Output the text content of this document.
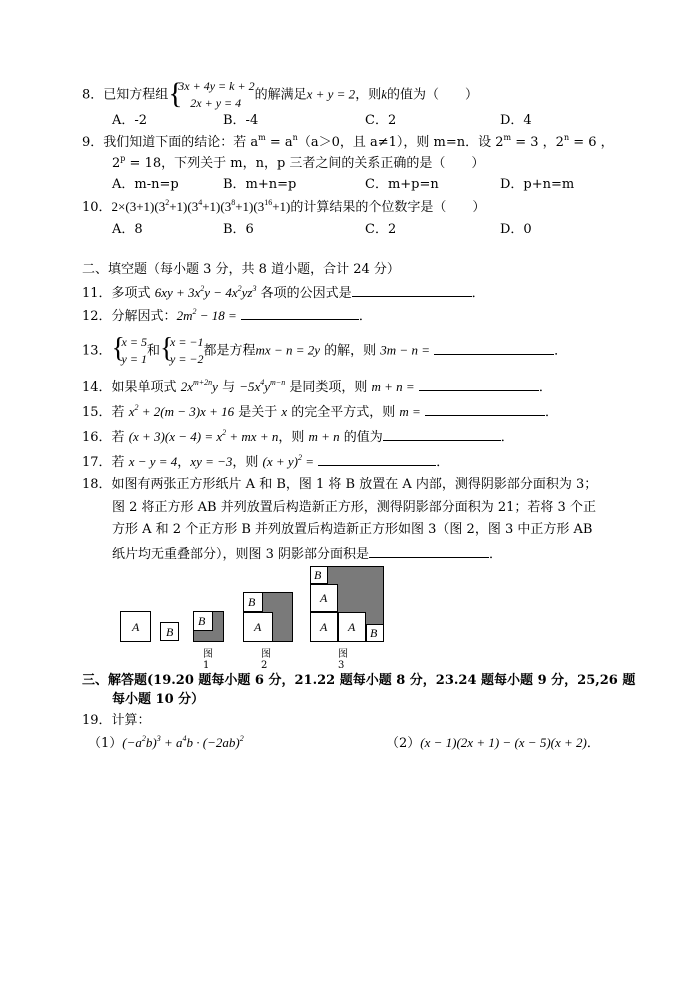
8．已知方程组 {
3x + 4y = k + 2
2x + y = 4
的解满足x + y = 2，则k的值为（　　）
A．-2	B．-4	C．2	D．4
9．我们知道下面的结论：若 $a^m = a^n(a>0$，且 a≠1），则 m=n．设 $2^m = 3$ ，$2^n = 6$ ，
$2^p = 18$，下列关于 m，n，p 三者之间的关系正确的是（　　）
A．m-n=p	B．m+n=p	C．m+p=n	D．p+n=m
10．$2\times(3+1)(3^2+1)(3^4+1)(3^8+1)(3^{16}+1)$的计算结果的个位数字是（　　）
A．8	B．6	C．2	D．0
二、填空题（每小题 3 分，共 8 道小题，合计 24 分）
11．多项式 $6xy + 3x^2y - 4x^2yz^3$ 各项的公因式是	．
12．分解因式：$2m^2 - 18$ =	．
13． {
x = 5
y = 1
和 {
x = −1
y = −2
都是方程mx − n = 2y 的解，则 3m − n =	．
14．如果单项式 $2x^{m+2n}y$ 与 $-5x^4y^{m-n}$ 是同类项，则 m + n =	．
15．若 $x^2 + 2(m - 3)x + 16$ 是关于 x 的完全平方式，则 m =	．
16．若 $(x + 3)(x - 4) = x^2$ + mx + n，则 m + n 的值为	．
17．若 x − y = 4，xy = −3，则 $(x + y)^2$ =	．
18．如图有两张正方形纸片 A 和 B，图 1 将 B 放置在 A 内部，测得阴影部分面积为 3；
图 2 将正方形 AB 并列放置后构造新正方形，测得阴影部分面积为 21；若将 3 个正
方形 A 和 2 个正方形 B 并列放置后构造新正方形如图 3（图 2，图 3 中正方形 AB
纸片均无重叠部分），则图 3 阴影部分面积是	．
A B
B
图1
B
A
图2
B
A
A A B
图3
三、解答题(19.20 题每小题 6 分，21.22 题每小题 8 分，23.24 题每小题 9 分，25,26 题
每小题 10 分）
19．计算：
$(1)(-a^2b)^3 + a^4b \cdot (-2ab)^2$	（2）(x − 1)(2x + 1) − (x − 5)(x + 2)．
